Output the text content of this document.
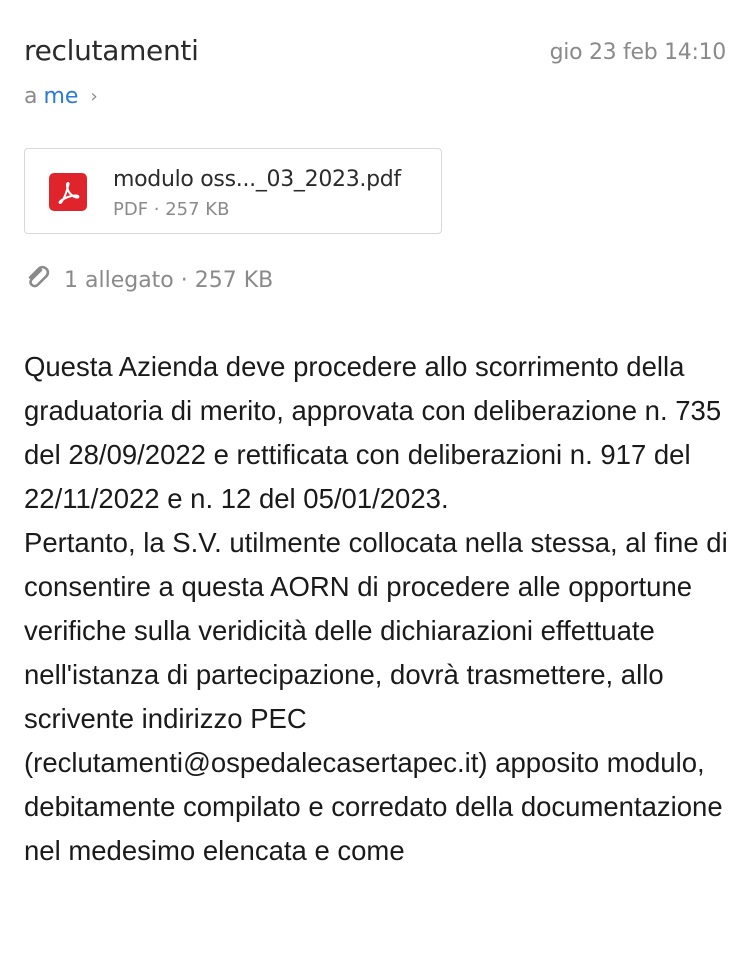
reclutamenti	gio 23 feb 14:10
a me ›
modulo oss..._03_2023.pdf
PDF · 257 KB
1 allegato · 257 KB

Questa Azienda deve procedere allo scorrimento della graduatoria di merito, approvata con deliberazione n. 735 del 28/09/2022 e rettificata con deliberazioni n. 917 del 22/11/2022 e n. 12 del 05/01/2023.

Pertanto, la S.V. utilmente collocata nella stessa, al fine di consentire a questa AORN di procedere alle opportune verifiche sulla veridicità delle dichiarazioni effettuate nell'istanza di partecipazione, dovrà trasmettere, allo scrivente indirizzo PEC (reclutamenti@ospedalecasertapec.it) apposito modulo, debitamente compilato e corredato della documentazione nel medesimo elencata e come
